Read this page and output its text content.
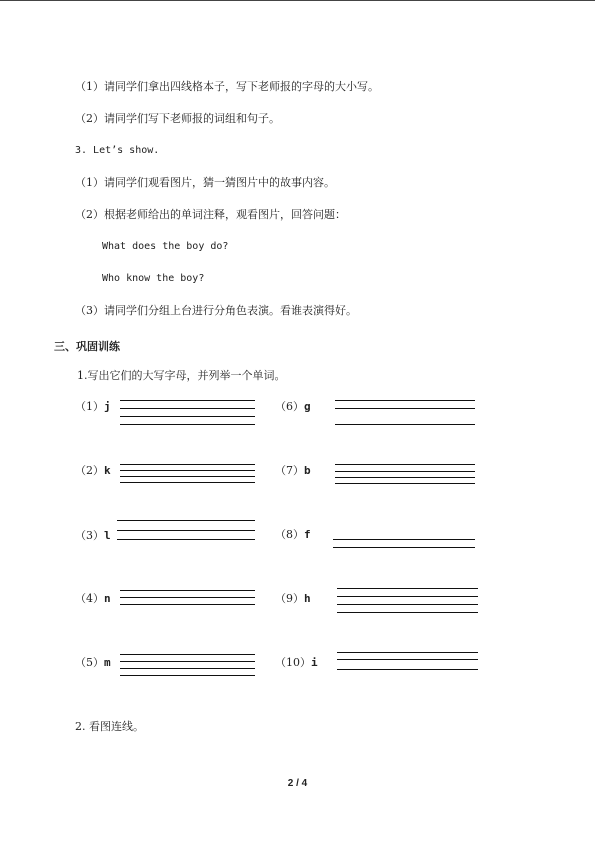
（1）请同学们拿出四线格本子，写下老师报的字母的大小写。
（2）请同学们写下老师报的词组和句子。
3. Let’s show.
（1）请同学们观看图片，猜一猜图片中的故事内容。
（2）根据老师给出的单词注释，观看图片，回答问题：
What does the boy do?
Who know the boy?
（3）请同学们分组上台进行分角色表演。看谁表演得好。
三、巩固训练
1.写出它们的大写字母，并列举一个单词。
（1）j
（2）k
（3）l
（4）n
（5）m
（6）g
（7）b
（8）f
（9）h
（10）i
2. 看图连线。
2 / 4
